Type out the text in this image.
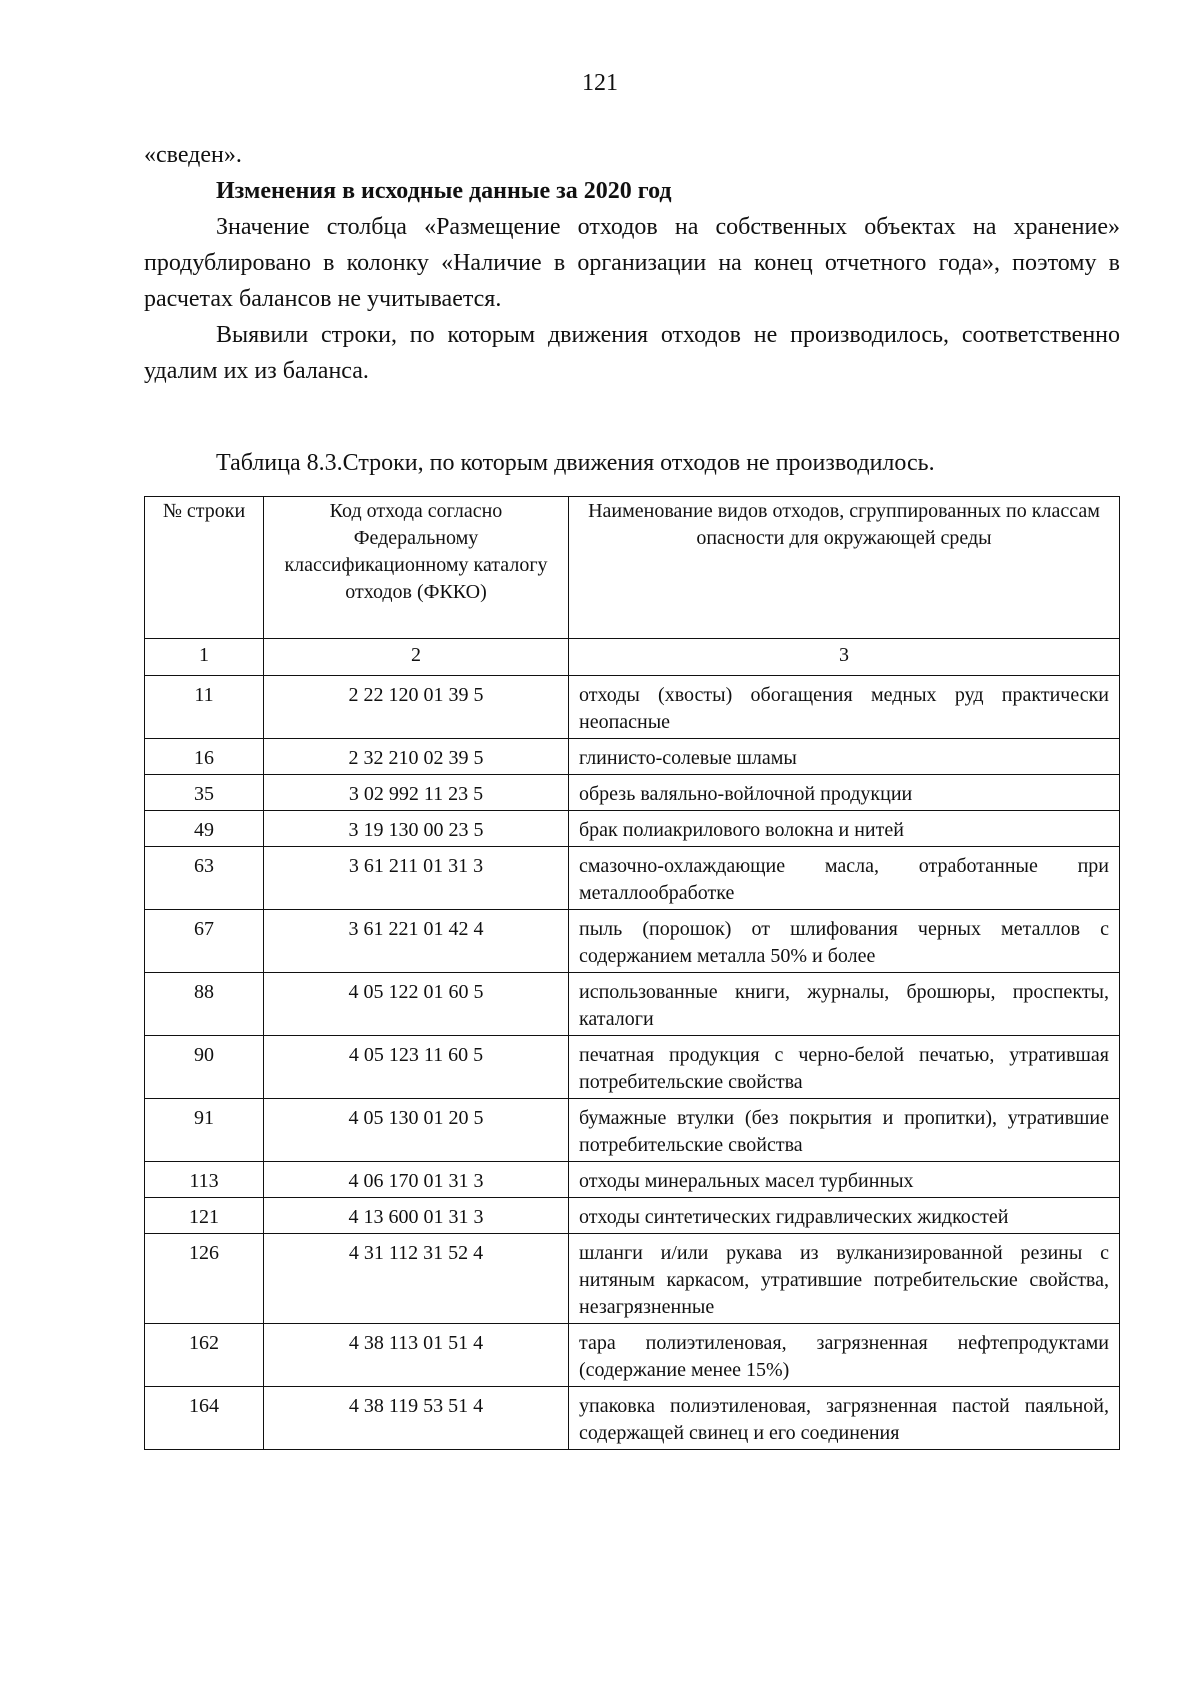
121

«сведен».

Изменения в исходные данные за 2020 год

Значение столбца «Размещение отходов на собственных объектах на хранение» продублировано в колонку «Наличие в организации на конец отчетного года», поэтому в расчетах балансов не учитывается.

Выявили строки, по которым движения отходов не производилось, соответственно удалим их из баланса.

Таблица 8.3.Строки, по которым движения отходов не производилось.
№ строки	Код отхода согласно Федеральному классификационному каталогу отходов (ФККО)	Наименование видов отходов, сгруппированных по классам опасности для окружающей среды
1	2	3
11	2 22 120 01 39 5	отходы (хвосты) обогащения медных руд практически неопасные
16	2 32 210 02 39 5	глинисто-солевые шламы
35	3 02 992 11 23 5	обрезь валяльно-войлочной продукции
49	3 19 130 00 23 5	брак полиакрилового волокна и нитей
63	3 61 211 01 31 3	смазочно-охлаждающие масла, отработанные при металлообработке
67	3 61 221 01 42 4	пыль (порошок) от шлифования черных металлов с содержанием металла 50% и более
88	4 05 122 01 60 5	использованные книги, журналы, брошюры, проспекты, каталоги
90	4 05 123 11 60 5	печатная продукция с черно-белой печатью, утратившая потребительские свойства
91	4 05 130 01 20 5	бумажные втулки (без покрытия и пропитки), утратившие потребительские свойства
113	4 06 170 01 31 3	отходы минеральных масел турбинных
121	4 13 600 01 31 3	отходы синтетических гидравлических жидкостей
126	4 31 112 31 52 4	шланги и/или рукава из вулканизированной резины с нитяным каркасом, утратившие потребительские свойства, незагрязненные
162	4 38 113 01 51 4	тара полиэтиленовая, загрязненная нефтепродуктами (содержание менее 15%)
164	4 38 119 53 51 4	упаковка полиэтиленовая, загрязненная пастой паяльной, содержащей свинец и его соединения
